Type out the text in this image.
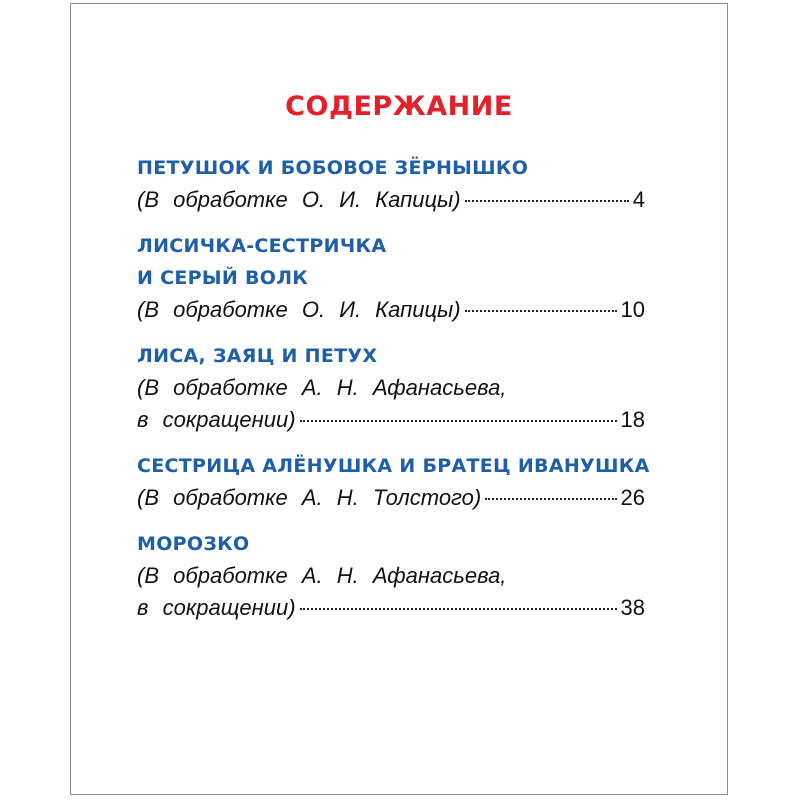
СОДЕРЖАНИЕ
ПЕТУШОК И БОБОВОЕ ЗЁРНЫШКО
(В обработке О. И. Капицы)	4
ЛИСИЧКА-СЕСТРИЧКА
И СЕРЫЙ ВОЛК
(В обработке О. И. Капицы)	10
ЛИСА, ЗАЯЦ И ПЕТУХ
(В обработке А. Н. Афанасьева,
в сокращении)	18
СЕСТРИЦА АЛЁНУШКА И БРАТЕЦ ИВАНУШКА
(В обработке А. Н. Толстого)	26
МОРОЗКО
(В обработке А. Н. Афанасьева,
в сокращении)	38
